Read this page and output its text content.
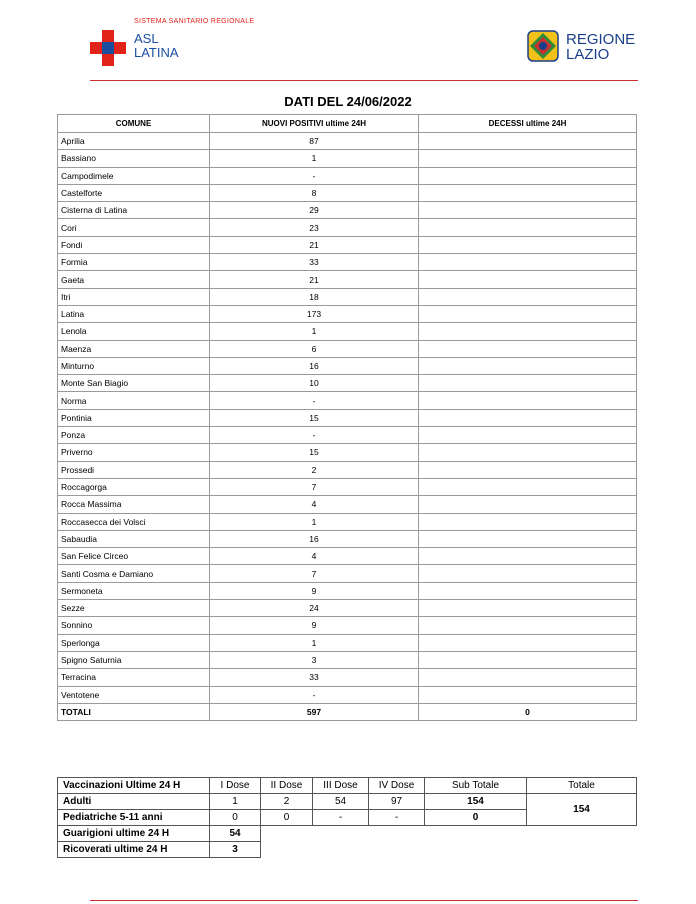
SISTEMA SANITARIO REGIONALE
ASL
LATINA
REGIONE
LAZIO
DATI DEL 24/06/2022
COMUNE	NUOVI POSITIVI ultime 24H	DECESSI ultime 24H
Aprilia	87	
Bassiano	1	
Campodimele	-	
Castelforte	8	
Cisterna di Latina	29	
Cori	23	
Fondi	21	
Formia	33	
Gaeta	21	
Itri	18	
Latina	173	
Lenola	1	
Maenza	6	
Minturno	16	
Monte San Biagio	10	
Norma	-	
Pontinia	15	
Ponza	-	
Priverno	15	
Prossedi	2	
Roccagorga	7	
Rocca Massima	4	
Roccasecca dei Volsci	1	
Sabaudia	16	
San Felice Circeo	4	
Santi Cosma e Damiano	7	
Sermoneta	9	
Sezze	24	
Sonnino	9	
Sperlonga	1	
Spigno Saturnia	3	
Terracina	33	
Ventotene	-	
TOTALI	597	0
Vaccinazioni Ultime 24 H	I Dose	II Dose	III Dose	IV Dose	Sub Totale	Totale
Adulti	1	2	54	97	154	154
Pediatriche 5-11 anni	0	0	-	-	0	
Guarigioni ultime 24 H	54					
Ricoverati ultime 24 H	3					
